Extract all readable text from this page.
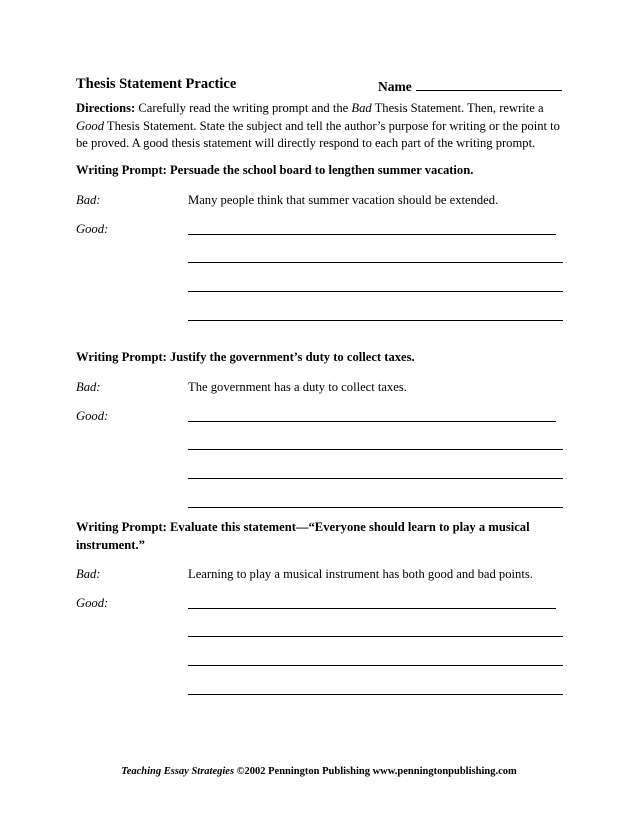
Thesis Statement Practice	Name
Directions: Carefully read the writing prompt and the Bad Thesis Statement. Then, rewrite a
Good Thesis Statement. State the subject and tell the author’s purpose for writing or the point to be proved. A good thesis statement will directly respond to each part of the writing prompt.
Writing Prompt: Persuade the school board to lengthen summer vacation.
Bad:	Many people think that summer vacation should be extended.
Good:
Writing Prompt: Justify the government’s duty to collect taxes.
Bad:	The government has a duty to collect taxes.
Good:
Writing Prompt: Evaluate this statement—“Everyone should learn to play a musical instrument.”
Bad:	Learning to play a musical instrument has both good and bad points.
Good:
Teaching Essay Strategies ©2002 Pennington Publishing www.penningtonpublishing.com
